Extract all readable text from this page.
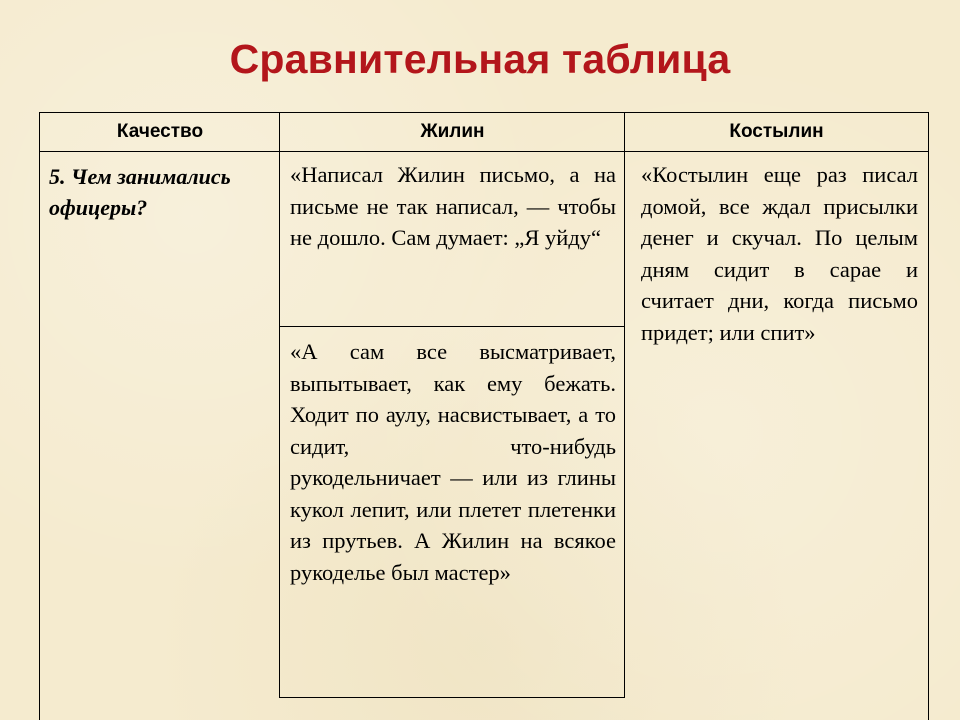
Сравнительная таблица
Качество	Жилин	Костылин
5. Чем занимались офицеры?
«Написал Жилин письмо, а на письме не так написал, — чтобы не дошло. Сам думает: „Я уйду“
«А сам все высматривает, выпытывает, как ему бежать. Ходит по аулу, насвистывает, а то сидит, что-нибудь рукодельничает — или из глины кукол лепит, или плетет плетенки из прутьев. А Жилин на всякое рукоделье был мастер»
«Костылин еще раз писал домой, все ждал присылки денег и скучал. По целым дням сидит в сарае и считает дни, когда письмо придет; или спит»
